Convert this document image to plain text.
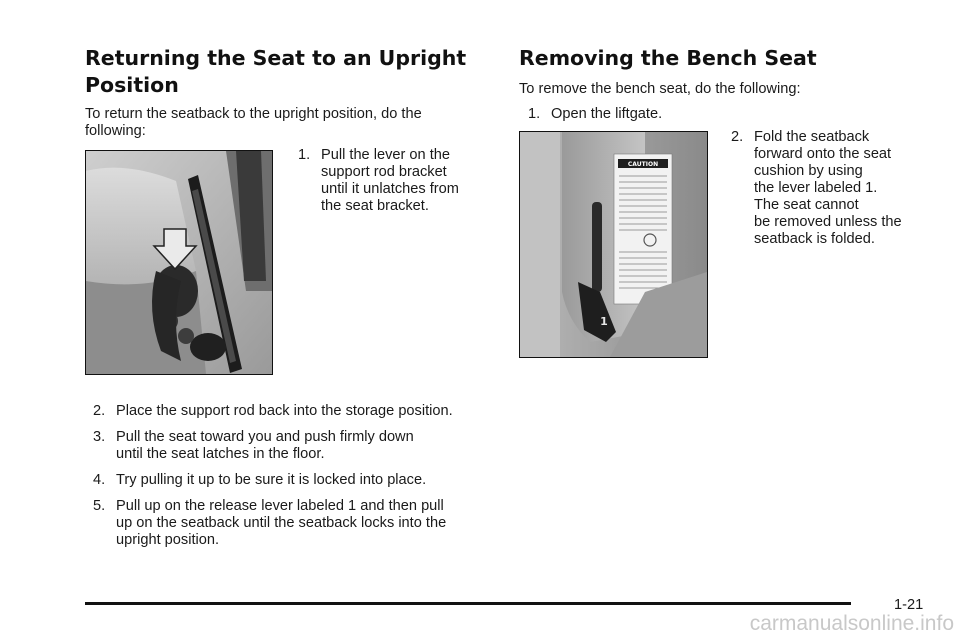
Returning the Seat to an Upright
Position

To return the seatback to the upright position, do the

following:

1. Pull the lever on the

support rod bracket

until it unlatches from

the seat bracket.

2. Place the support rod back into the storage position.

3. Pull the seat toward you and push firmly down

until the seat latches in the floor.

4. Try pulling it up to be sure it is locked into place.

5. Pull up on the release lever labeled 1 and then pull

up on the seatback until the seatback locks into the

upright position.

Removing the Bench Seat

To remove the bench seat, do the following:

1. Open the liftgate.

CAUTION
1
2. Fold the seatback

forward onto the seat

cushion by using

the lever labeled 1.

The seat cannot

be removed unless the

seatback is folded.

1-21
carmanualsonline.info
